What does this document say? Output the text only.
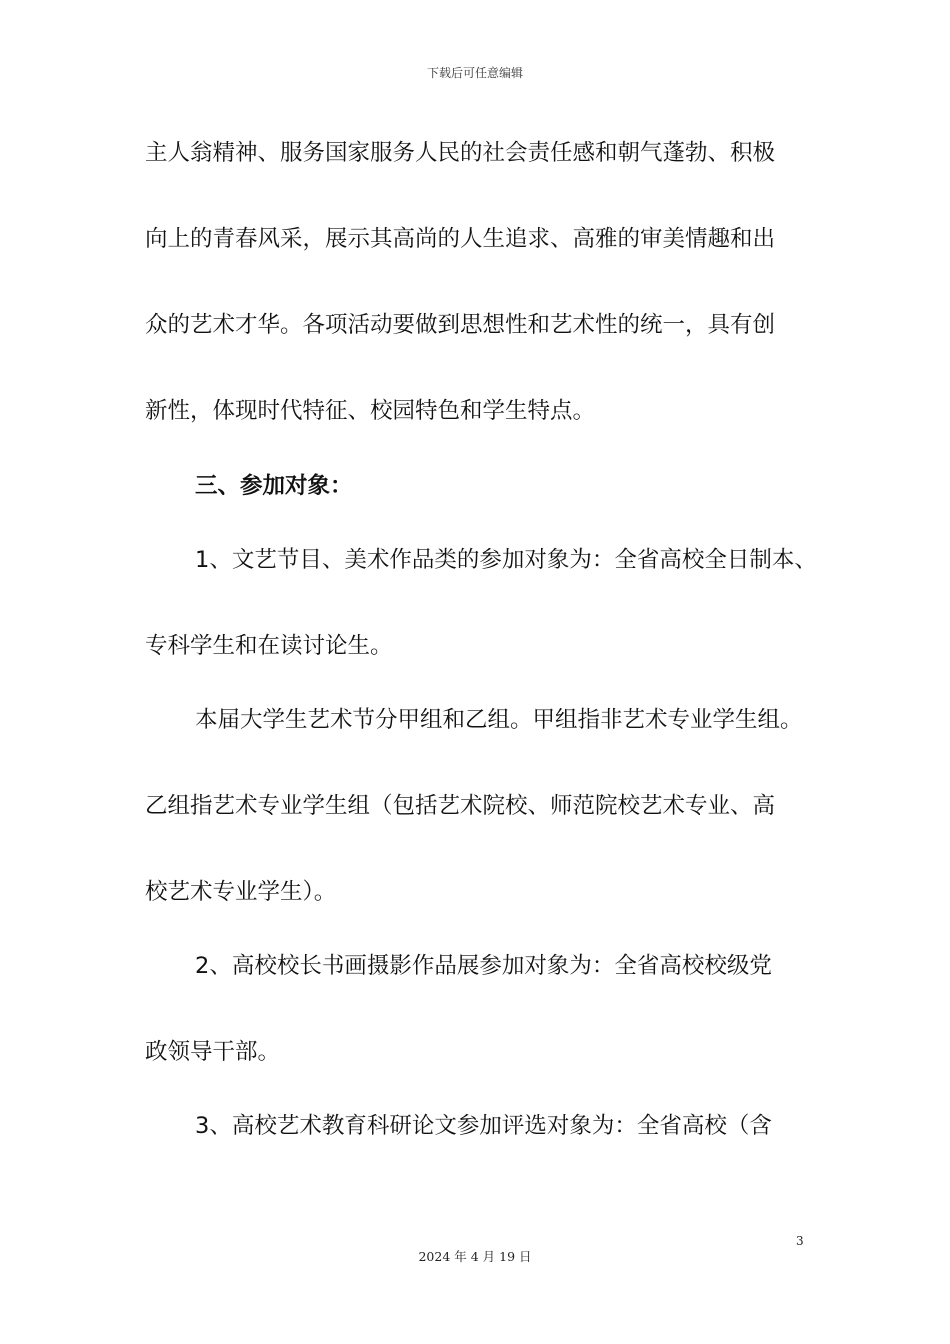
下载后可任意编辑
主人翁精神、服务国家服务人民的社会责任感和朝气蓬勃、积极
向上的青春风采，展示其高尚的人生追求、高雅的审美情趣和出
众的艺术才华。各项活动要做到思想性和艺术性的统一，具有创
新性，体现时代特征、校园特色和学生特点。
三、参加对象：
1、文艺节目、美术作品类的参加对象为：全省高校全日制本、
专科学生和在读讨论生。
本届大学生艺术节分甲组和乙组。甲组指非艺术专业学生组。
乙组指艺术专业学生组（包括艺术院校、师范院校艺术专业、高
校艺术专业学生）。
2、高校校长书画摄影作品展参加对象为：全省高校校级党
政领导干部。
3、高校艺术教育科研论文参加评选对象为：全省高校（含
3
2024 年 4 月 19 日
